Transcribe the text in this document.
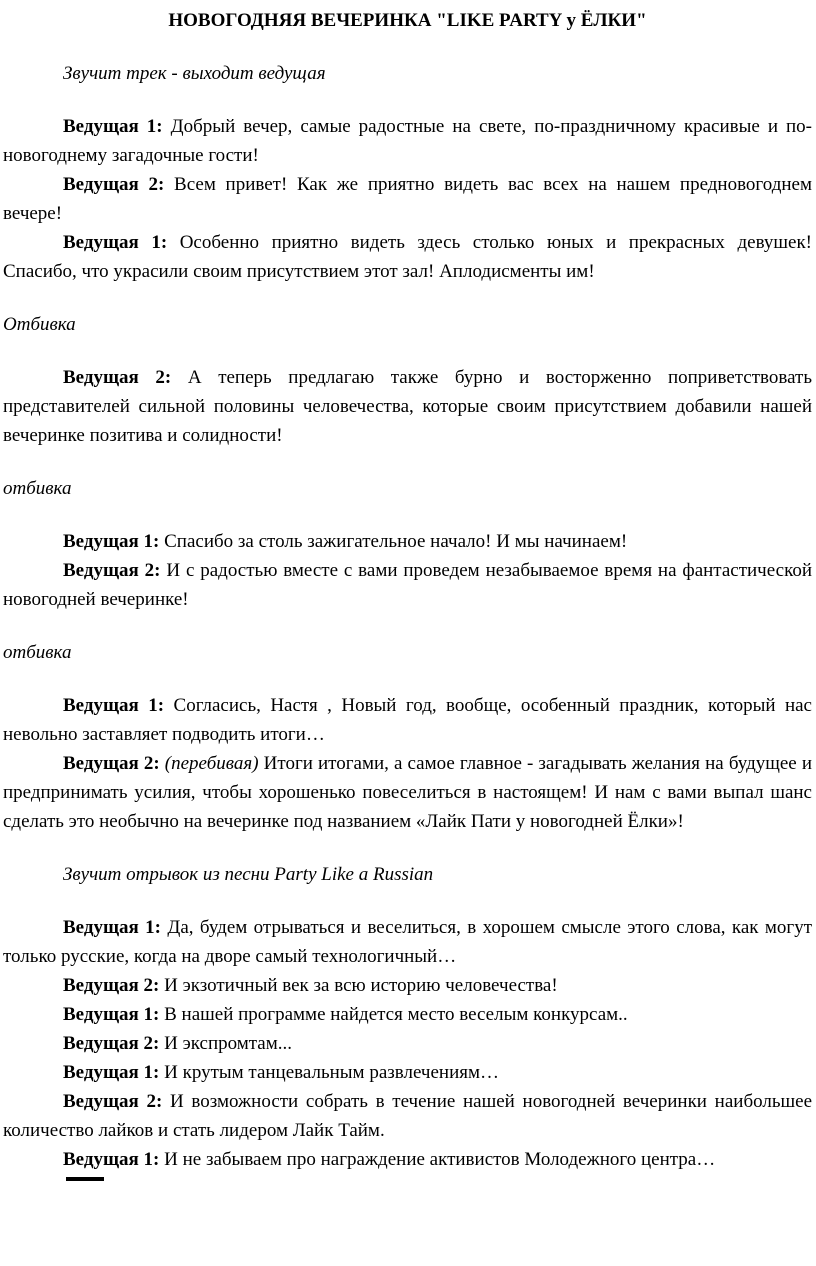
НОВОГОДНЯЯ ВЕЧЕРИНКА "LIKE PARTY у ЁЛКИ"

Звучит трек - выходит ведущая

Ведущая 1: Добрый вечер, самые радостные на свете, по-праздничному красивые и по-новогоднему загадочные гости!

Ведущая 2: Всем привет! Как же приятно видеть вас всех на нашем предновогоднем вечере!

Ведущая 1: Особенно приятно видеть здесь столько юных и прекрасных девушек! Спасибо, что украсили своим присутствием этот зал! Аплодисменты им!

Отбивка

Ведущая 2: А теперь предлагаю также бурно и восторженно поприветствовать представителей сильной половины человечества, которые своим присутствием добавили нашей вечеринке позитива и солидности!

отбивка

Ведущая 1: Спасибо за столь зажигательное начало! И мы начинаем!

Ведущая 2: И с радостью вместе с вами проведем незабываемое время на фантастической новогодней вечеринке!

отбивка

Ведущая 1: Согласись, Настя , Новый год, вообще, особенный праздник, который нас невольно заставляет подводить итоги…

Ведущая 2: (перебивая) Итоги итогами, а самое главное - загадывать желания на будущее и предпринимать усилия, чтобы хорошенько повеселиться в настоящем! И нам с вами выпал шанс сделать это необычно на вечеринке под названием «Лайк Пати у новогодней Ёлки»!

Звучит отрывок из песни Party Like a Russian

Ведущая 1: Да, будем отрываться и веселиться, в хорошем смысле этого слова, как могут только русские, когда на дворе самый технологичный…

Ведущая 2: И экзотичный век за всю историю человечества!

Ведущая 1: В нашей программе найдется место веселым конкурсам..

Ведущая 2: И экспромтам...

Ведущая 1: И крутым танцевальным развлечениям…

Ведущая 2: И возможности собрать в течение нашей новогодней вечеринки наибольшее количество лайков и стать лидером Лайк Тайм.

Ведущая 1: И не забываем про награждение активистов Молодежного центра…
